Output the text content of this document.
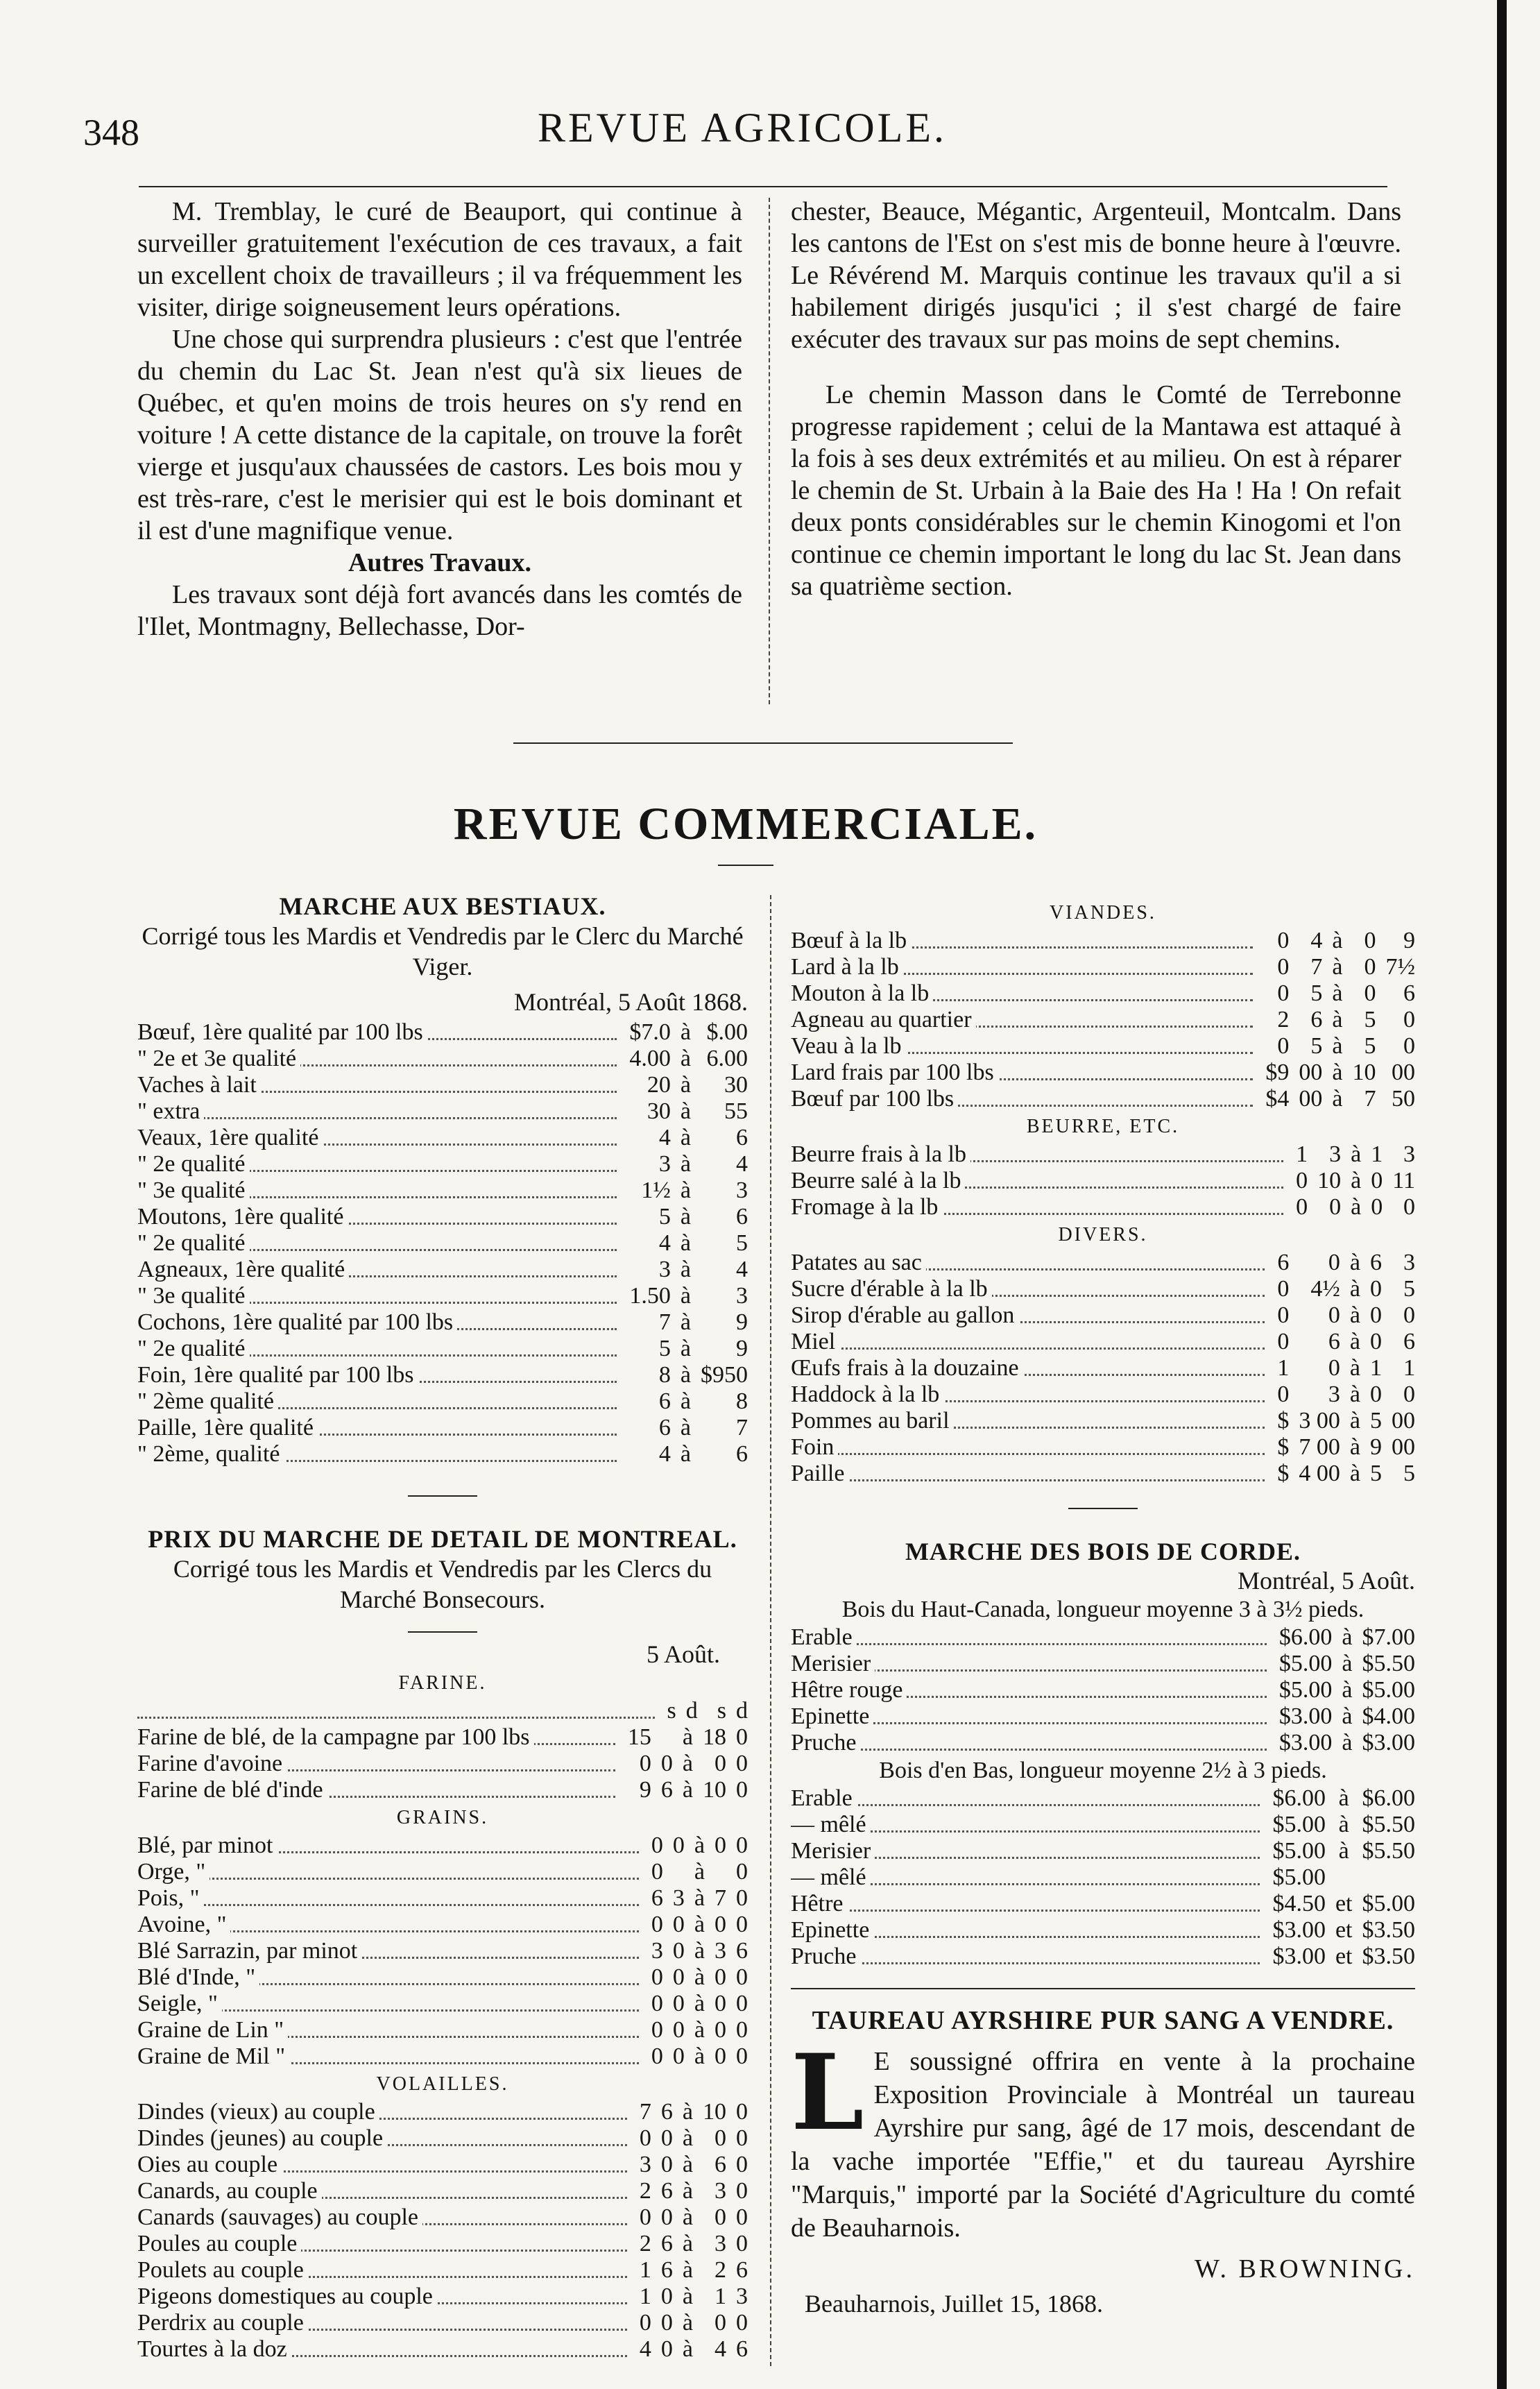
348	REVUE AGRICOLE.

M. Tremblay, le curé de Beauport, qui continue à surveiller gratuitement l'exécution de ces travaux, a fait un excellent choix de travailleurs ; il va fréquemment les visiter, dirige soigneusement leurs opérations.

Une chose qui surprendra plusieurs : c'est que l'entrée du chemin du Lac St. Jean n'est qu'à six lieues de Québec, et qu'en moins de trois heures on s'y rend en voiture ! A cette distance de la capitale, on trouve la forêt vierge et jusqu'aux chaussées de castors. Les bois mou y est très-rare, c'est le merisier qui est le bois dominant et il est d'une magnifique venue.

Autres Travaux.

Les travaux sont déjà fort avancés dans les comtés de l'Ilet, Montmagny, Bellechasse, Dor-

chester, Beauce, Mégantic, Argenteuil, Montcalm. Dans les cantons de l'Est on s'est mis de bonne heure à l'œuvre. Le Révérend M. Marquis continue les travaux qu'il a si habilement dirigés jusqu'ici ; il s'est chargé de faire exécuter des travaux sur pas moins de sept chemins.

Le chemin Masson dans le Comté de Terrebonne progresse rapidement ; celui de la Mantawa est attaqué à la fois à ses deux extrémités et au milieu. On est à réparer le chemin de St. Urbain à la Baie des Ha ! Ha ! On refait deux ponts considérables sur le chemin Kinogomi et l'on continue ce chemin important le long du lac St. Jean dans sa quatrième section.

REVUE COMMERCIALE.

MARCHE AUX BESTIAUX.

Corrigé tous les Mardis et Vendredis par le Clerc du Marché Viger.

Montréal, 5 Août 1868.

Bœuf, 1ère qualité par 100 lbs	$7.0	à	$.00
" 2e et 3e qualité	4.00	à	6.00
Vaches à lait	20	à	30
" extra	30	à	55
Veaux, 1ère qualité	4	à	6
" 2e qualité	3	à	4
" 3e qualité	1½	à	3
Moutons, 1ère qualité	5	à	6
" 2e qualité	4	à	5
Agneaux, 1ère qualité	3	à	4
" 3e qualité	1.50	à	3
Cochons, 1ère qualité par 100 lbs	7	à	9
" 2e qualité	5	à	9
Foin, 1ère qualité par 100 lbs	8	à	$950
" 2ème qualité	6	à	8
Paille, 1ère qualité	6	à	7
" 2ème, qualité	4	à	6

PRIX DU MARCHE DE DETAIL DE MONTREAL.

Corrigé tous les Mardis et Vendredis par les Clercs du Marché Bonsecours.

5 Août.

FARINE.

	s	d		s	d
Farine de blé, de la campagne par 100 lbs	15		à	18	0
Farine d'avoine	0	0	à	0	0
Farine de blé d'inde	9	6	à	10	0

GRAINS.

Blé, par minot	0	0	à	0	0
Orge, "	0		à		0
Pois, "	6	3	à	7	0
Avoine, "	0	0	à	0	0
Blé Sarrazin, par minot	3	0	à	3	6
Blé d'Inde, "	0	0	à	0	0
Seigle, "	0	0	à	0	0
Graine de Lin "	0	0	à	0	0
Graine de Mil "	0	0	à	0	0

VOLAILLES.

Dindes (vieux) au couple	7	6	à	10	0
Dindes (jeunes) au couple	0	0	à	0	0
Oies au couple	3	0	à	6	0
Canards, au couple	2	6	à	3	0
Canards (sauvages) au couple	0	0	à	0	0
Poules au couple	2	6	à	3	0
Poulets au couple	1	6	à	2	6
Pigeons domestiques au couple	1	0	à	1	3
Perdrix au couple	0	0	à	0	0
Tourtes à la doz	4	0	à	4	6

VIANDES.

Bœuf à la lb	0	4	à	0	9
Lard à la lb	0	7	à	0	7½
Mouton à la lb	0	5	à	0	6
Agneau au quartier	2	6	à	5	0
Veau à la lb	0	5	à	5	0
Lard frais par 100 lbs	$9	00	à	10	00
Bœuf par 100 lbs	$4	00	à	7	50

BEURRE, ETC.

Beurre frais à la lb	1	3	à	1	3
Beurre salé à la lb	0	10	à	0	11
Fromage à la lb	0	0	à	0	0

DIVERS.

Patates au sac	6	0	à	6	3
Sucre d'érable à la lb	0	4½	à	0	5
Sirop d'érable au gallon	0	0	à	0	0
Miel	0	6	à	0	6
Œufs frais à la douzaine	1	0	à	1	1
Haddock à la lb	0	3	à	0	0
Pommes au baril	$	3 00	à	5	00
Foin	$	7 00	à	9	00
Paille	$	4 00	à	5	5

MARCHE DES BOIS DE CORDE.

Montréal, 5 Août.

Bois du Haut-Canada, longueur moyenne 3 à 3½ pieds.

Erable	$6.00	à	$7.00
Merisier	$5.00	à	$5.50
Hêtre rouge	$5.00	à	$5.00
Epinette	$3.00	à	$4.00
Pruche	$3.00	à	$3.00

Bois d'en Bas, longueur moyenne 2½ à 3 pieds.

Erable	$6.00	à	$6.00
— mêlé	$5.00	à	$5.50
Merisier	$5.00	à	$5.50
— mêlé	$5.00		
Hêtre	$4.50	et	$5.00
Epinette	$3.00	et	$3.50
Pruche	$3.00	et	$3.50

TAUREAU AYRSHIRE PUR SANG A VENDRE.

L E soussigné offrira en vente à la prochaine Exposition Provinciale à Montréal un taureau Ayrshire pur sang, âgé de 17 mois, descendant de la vache importée "Effie," et du taureau Ayrshire "Marquis," importé par la Société d'Agriculture du comté de Beauharnois.

W. BROWNING.

Beauharnois, Juillet 15, 1868.
